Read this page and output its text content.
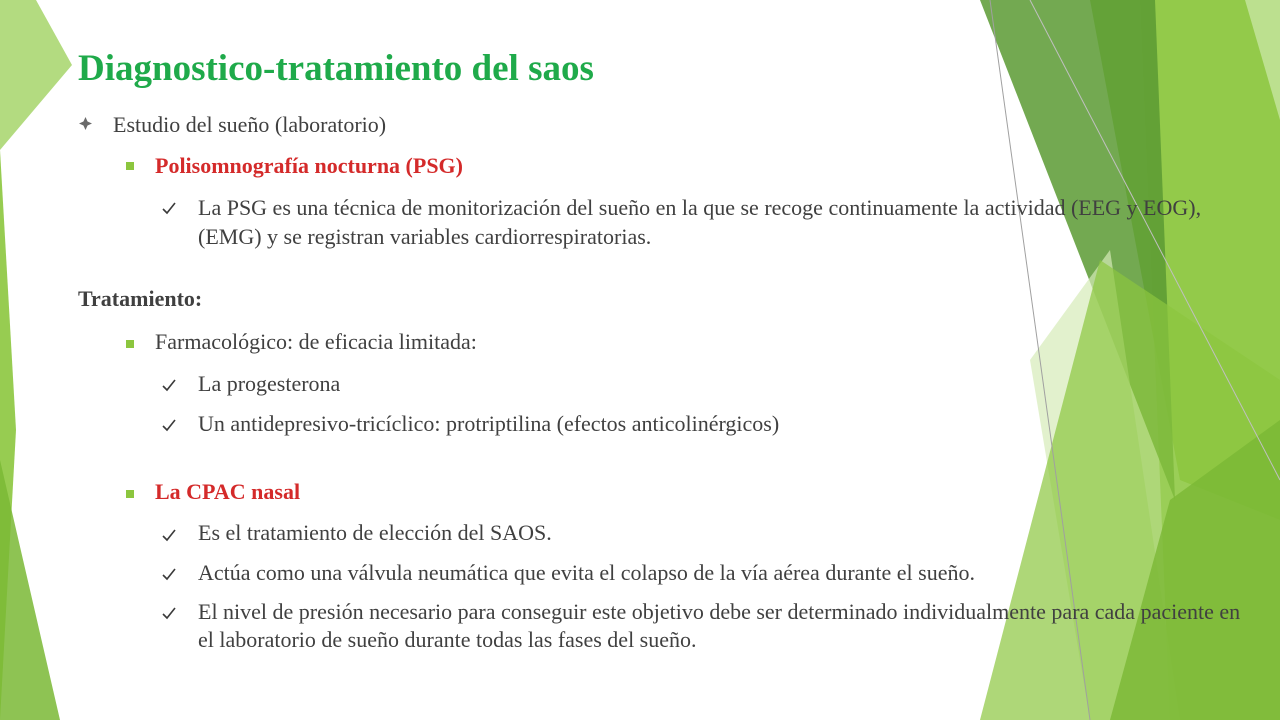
Diagnostico-tratamiento del saos
Estudio del sueño (laboratorio)
Polisomnografía nocturna (PSG)
La PSG es una técnica de monitorización del sueño en la que se recoge continuamente la actividad (EEG y EOG),(EMG) y se registran variables cardiorrespiratorias.
Tratamiento:
Farmacológico: de eficacia limitada:
La progesterona
Un antidepresivo-tricíclico: protriptilina (efectos anticolinérgicos)
La CPAC nasal
Es el tratamiento de elección del SAOS.
Actúa como una válvula neumática que evita el colapso de la vía aérea durante el sueño.
El nivel de presión necesario para conseguir este objetivo debe ser determinado individualmente para cada paciente en el laboratorio de sueño durante todas las fases del sueño.
